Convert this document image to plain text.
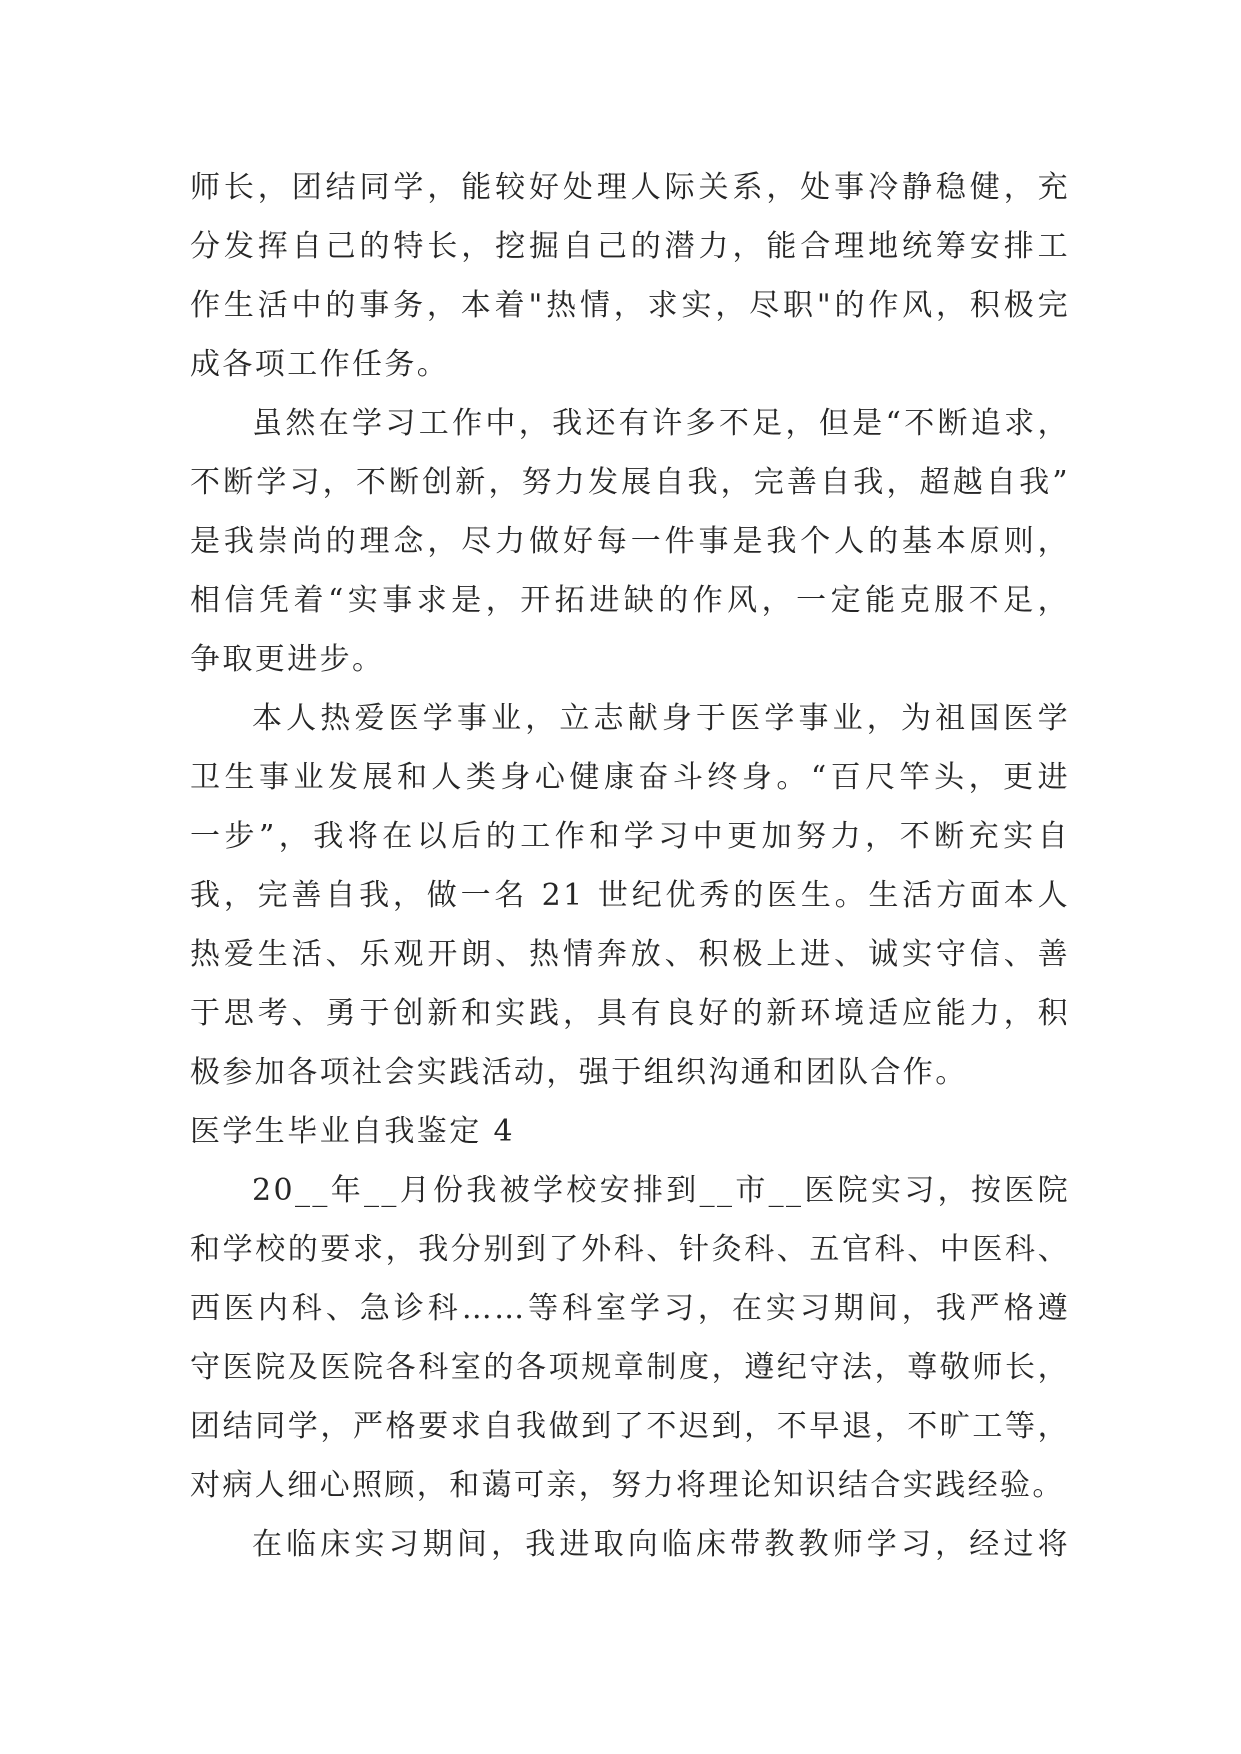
师长，团结同学，能较好处理人际关系，处事冷静稳健，充
分发挥自己的特长，挖掘自己的潜力，能合理地统筹安排工
作生活中的事务，本着"热情，求实，尽职"的作风，积极完
成各项工作任务。
虽然在学习工作中，我还有许多不足，但是“不断追求，
不断学习，不断创新，努力发展自我，完善自我，超越自我”
是我崇尚的理念，尽力做好每一件事是我个人的基本原则，
相信凭着“实事求是，开拓进缺的作风，一定能克服不足，
争取更进步。
本人热爱医学事业，立志献身于医学事业，为祖国医学
卫生事业发展和人类身心健康奋斗终身。“百尺竿头，更进
一步”，我将在以后的工作和学习中更加努力，不断充实自
我，完善自我，做一名 21 世纪优秀的医生。生活方面本人
热爱生活、乐观开朗、热情奔放、积极上进、诚实守信、善
于思考、勇于创新和实践，具有良好的新环境适应能力，积
极参加各项社会实践活动，强于组织沟通和团队合作。
医学生毕业自我鉴定 4
20__年__月份我被学校安排到__市__医院实习，按医院
和学校的要求，我分别到了外科、针灸科、五官科、中医科、
西医内科、急诊科……等科室学习，在实习期间，我严格遵
守医院及医院各科室的各项规章制度，遵纪守法，尊敬师长，
团结同学，严格要求自我做到了不迟到，不早退，不旷工等，
对病人细心照顾，和蔼可亲，努力将理论知识结合实践经验。
在临床实习期间，我进取向临床带教教师学习，经过将
